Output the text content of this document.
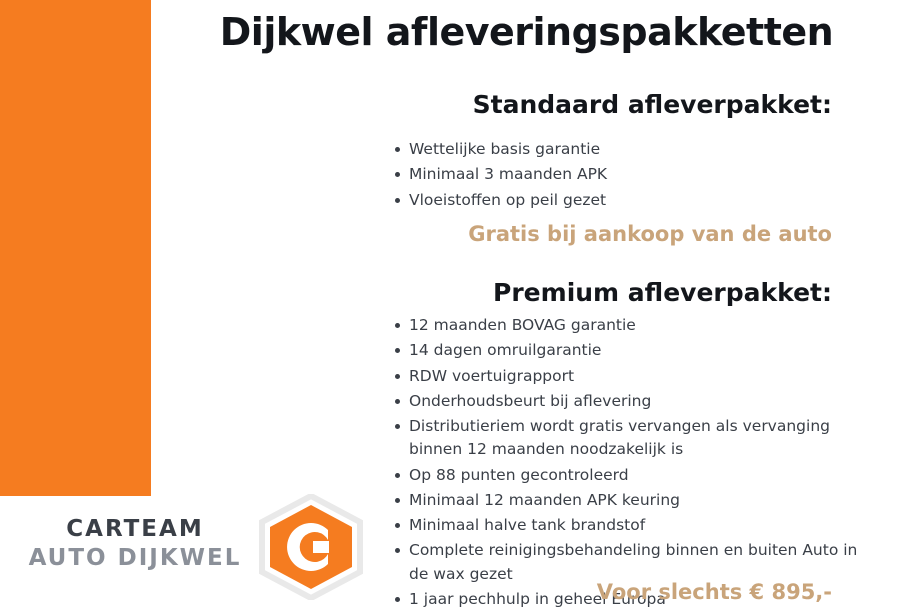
Dijkwel afleveringspakketten
Standaard afleverpakket:
Wettelijke basis garantie
Minimaal 3 maanden APK
Vloeistoffen op peil gezet
Gratis bij aankoop van de auto
Premium afleverpakket:
12 maanden BOVAG garantie
14 dagen omruilgarantie
RDW voertuigrapport
Onderhoudsbeurt bij aflevering
Distributieriem wordt gratis vervangen als vervanging binnen 12 maanden noodzakelijk is
Op 88 punten gecontroleerd
Minimaal 12 maanden APK keuring
Minimaal halve tank brandstof
Complete reinigingsbehandeling binnen en buiten Auto in de wax gezet
1 jaar pechhulp in geheel Europa
Voor slechts € 895,-
CARTEAM
AUTO DIJKWEL
